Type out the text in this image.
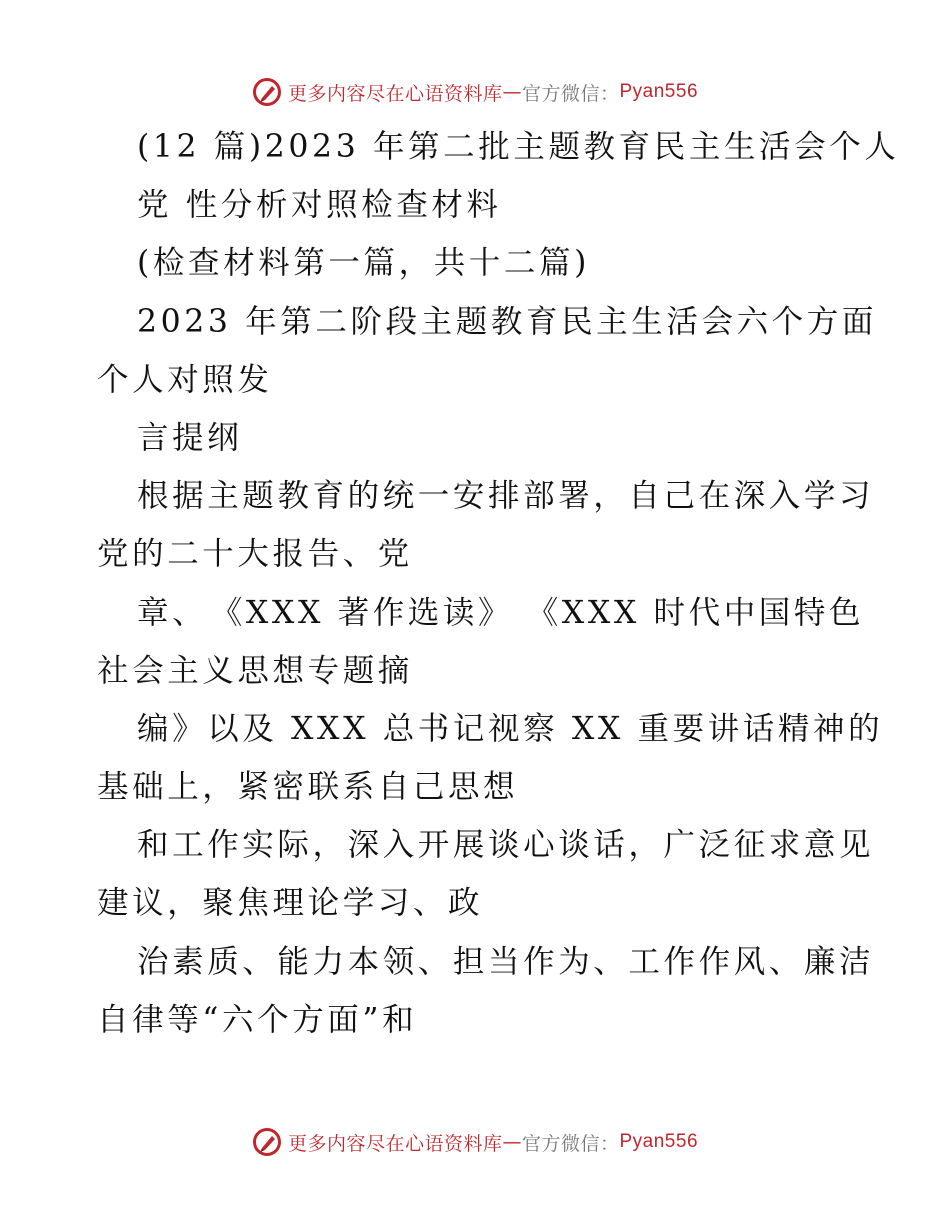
更多内容尽在心语资料库 — 官方微信： Pyan556
(12 篇)2023 年第二批主题教育民主生活会个人
党 性分析对照检查材料
(检查材料第一篇，共十二篇)
2023 年第二阶段主题教育民主生活会六个方面
个人对照发
言提纲
根据主题教育的统一安排部署，自己在深入学习
党的二十大报告、党
章、　《XXX 著作选读》 《XXX 时代中国特色
社会主义思想专题摘
编》以及 XXX 总书记视察 XX 重要讲话精神的
基础上，紧密联系自己思想
和工作实际，深入开展谈心谈话，广泛征求意见
建议，聚焦理论学习、政
治素质、能力本领、担当作为、工作作风、廉洁
自律等“六个方面”和
更多内容尽在心语资料库 — 官方微信： Pyan556
